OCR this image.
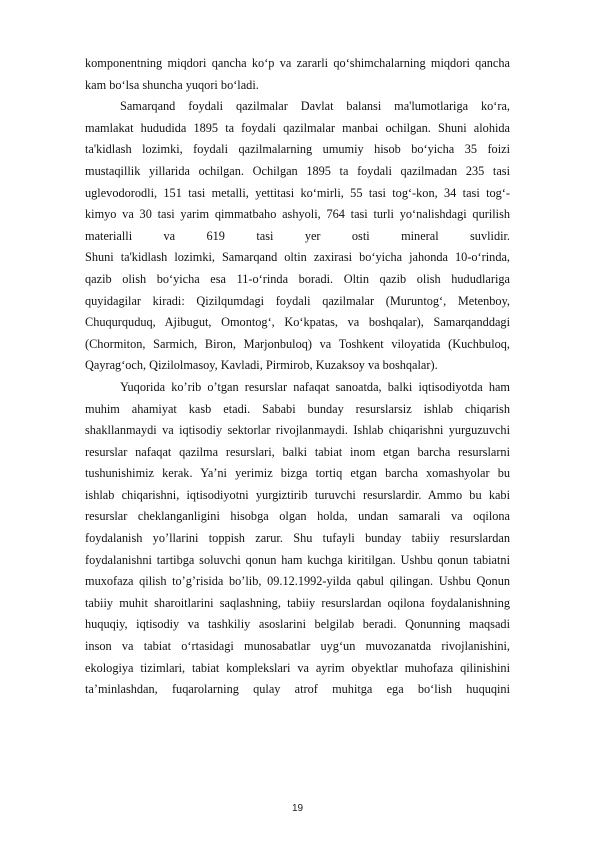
komponentning miqdori qancha ko‘p va zararli qo‘shimchalarning miqdori qancha
kam bo‘lsa shuncha yuqori bo‘ladi.
Samarqand foydali qazilmalar Davlat balansi ma'lumotlariga ko‘ra,
mamlakat hududida 1895 ta foydali qazilmalar manbai ochilgan. Shuni alohida
ta'kidlash lozimki, foydali qazilmalarning umumiy hisob bo‘yicha 35 foizi
mustaqillik yillarida ochilgan. Ochilgan 1895 ta foydali qazilmadan 235 tasi
uglevodorodli, 151 tasi metalli, yettitasi ko‘mirli, 55 tasi tog‘-kon, 34 tasi tog‘-
kimyo va 30 tasi yarim qimmatbaho ashyoli, 764 tasi turli yo‘nalishdagi qurilish
materialli va 619 tasi yer osti mineral suvlidir.
Shuni ta'kidlash lozimki, Samarqand oltin zaxirasi bo‘yicha jahonda 10-o‘rinda,
qazib olish bo‘yicha esa 11-o‘rinda boradi. Oltin qazib olish hududlariga
quyidagilar kiradi: Qizilqumdagi foydali qazilmalar (Muruntog‘, Metenboy,
Chuqurquduq, Ajibugut, Omontog‘, Ko‘kpatas, va boshqalar), Samarqanddagi
(Chormiton, Sarmich, Biron, Marjonbuloq) va Toshkent viloyatida (Kuchbuloq,
Qayrag‘och, Qizilolmasoy, Kavladi, Pirmirob, Kuzaksoy va boshqalar).
Yuqorida ko’rib o’tgan resurslar nafaqat sanoatda, balki iqtisodiyotda ham
muhim ahamiyat kasb etadi. Sababi bunday resurslarsiz ishlab chiqarish
shakllanmaydi va iqtisodiy sektorlar rivojlanmaydi. Ishlab chiqarishni yurguzuvchi
resurslar nafaqat qazilma resurslari, balki tabiat inom etgan barcha resurslarni
tushunishimiz kerak. Ya’ni yerimiz bizga tortiq etgan barcha xomashyolar bu
ishlab chiqarishni, iqtisodiyotni yurgiztirib turuvchi resurslardir. Ammo bu kabi
resurslar cheklanganligini hisobga olgan holda, undan samarali va oqilona
foydalanish yo’llarini toppish zarur. Shu tufayli bunday tabiiy resurslardan
foydalanishni tartibga soluvchi qonun ham kuchga kiritilgan. Ushbu qonun tabiatni
muxofaza qilish to’g’risida bo’lib, 09.12.1992-yilda qabul qilingan. Ushbu Qonun
tabiiy muhit sharoitlarini saqlashning, tabiiy resurslardan oqilona foydalanishning
huquqiy, iqtisodiy va tashkiliy asoslarini belgilab beradi. Qonunning maqsadi
inson va tabiat o‘rtasidagi munosabatlar uyg‘un muvozanatda rivojlanishini,
ekologiya tizimlari, tabiat komplekslari va ayrim obyektlar muhofaza qilinishini
ta’minlashdan, fuqarolarning qulay atrof muhitga ega bo‘lish huquqini
19
